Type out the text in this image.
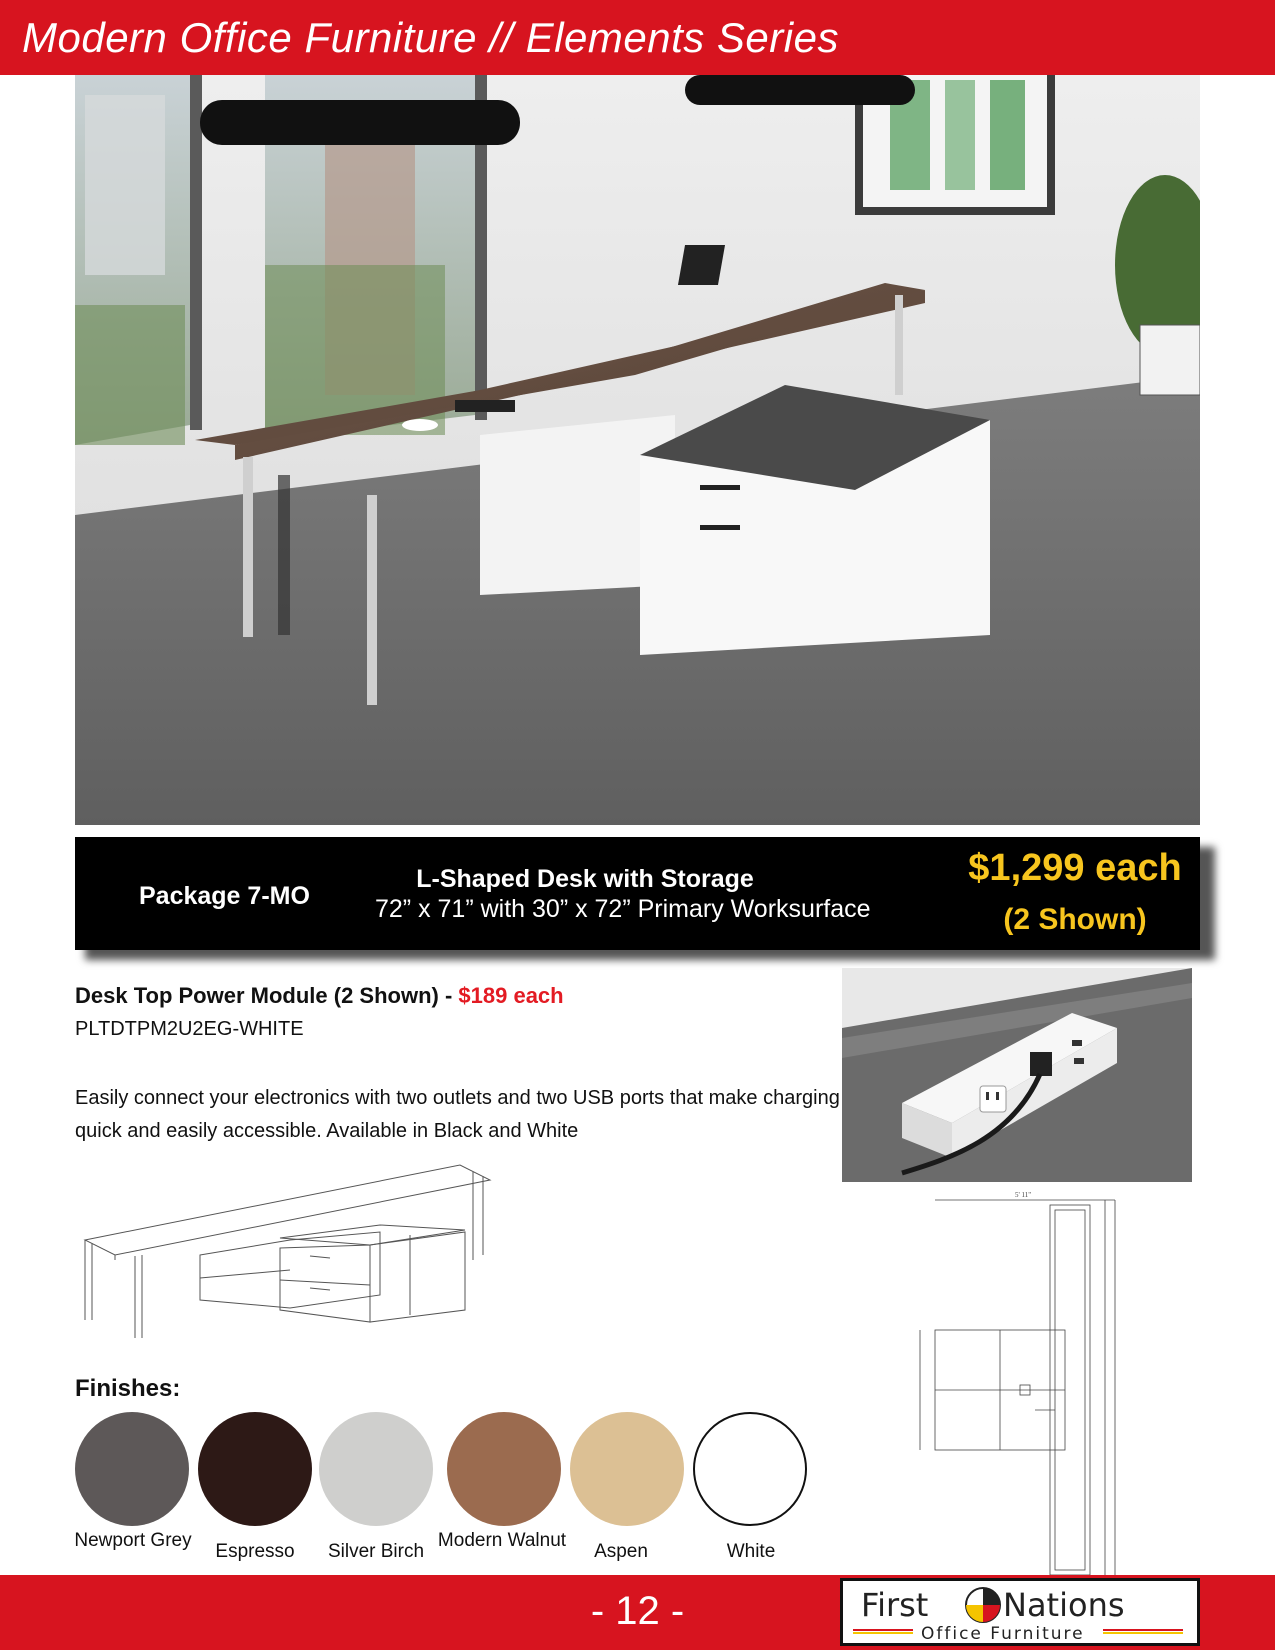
Modern Office Furniture // Elements Series
Package 7-MO
L-Shaped Desk with Storage
72” x 71” with 30” x 72” Primary Worksurface
$1,299 each
(2 Shown)
Desk Top Power Module (2 Shown) - $189 each
PLTDTPM2U2EG-WHITE
Easily connect your electronics with two outlets and two USB ports that make charging quick and easily accessible. Available in Black and White
5' 11"
Finishes:
Newport Grey
Espresso	Silver Birch
Modern Walnut
Aspen	White
- 12 -	First Nations
Office Furniture
